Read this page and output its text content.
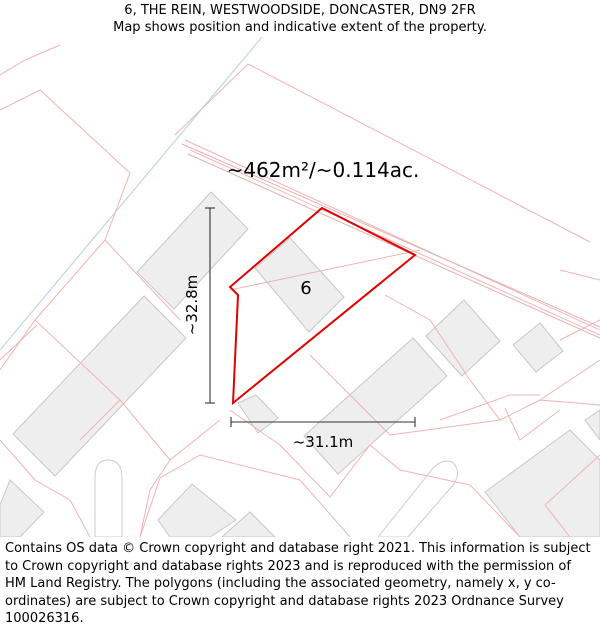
6, THE REIN, WESTWOODSIDE, DONCASTER, DN9 2FR
Map shows position and indicative extent of the property.
~462m²/~0.114ac.
6
~32.8m
~31.1m
Contains OS data © Crown copyright and database right 2021. This information is subject to Crown copyright and database rights 2023 and is reproduced with the permission of HM Land Registry. The polygons (including the associated geometry, namely x, y co-ordinates) are subject to Crown copyright and database rights 2023 Ordnance Survey 100026316.
